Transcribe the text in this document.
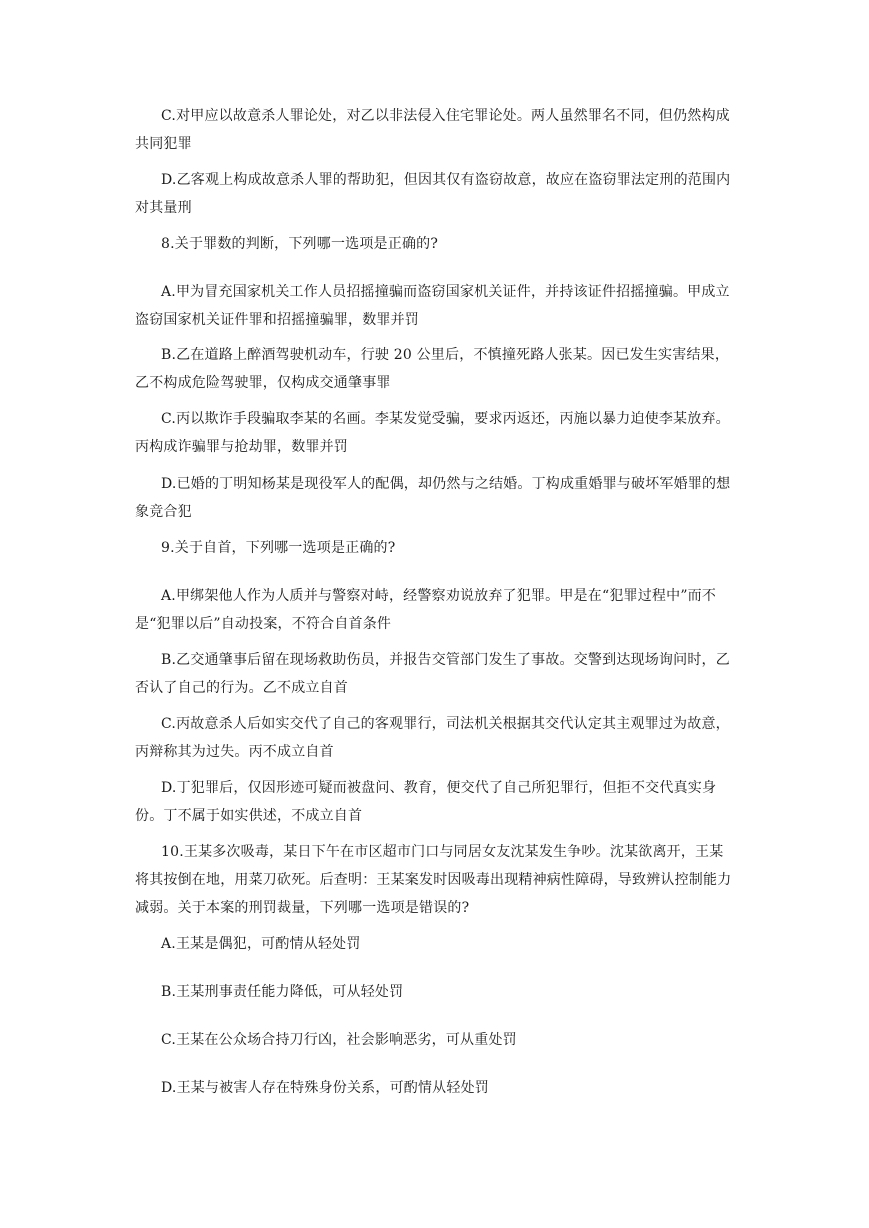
C.对甲应以故意杀人罪论处，对乙以非法侵入住宅罪论处。两人虽然罪名不同，但仍然构成共同犯罪

D.乙客观上构成故意杀人罪的帮助犯，但因其仅有盗窃故意，故应在盗窃罪法定刑的范围内对其量刑

8.关于罪数的判断，下列哪一选项是正确的?

A.甲为冒充国家机关工作人员招摇撞骗而盗窃国家机关证件，并持该证件招摇撞骗。甲成立盗窃国家机关证件罪和招摇撞骗罪，数罪并罚

B.乙在道路上醉酒驾驶机动车，行驶 20 公里后，不慎撞死路人张某。因已发生实害结果，乙不构成危险驾驶罪，仅构成交通肇事罪

C.丙以欺诈手段骗取李某的名画。李某发觉受骗，要求丙返还，丙施以暴力迫使李某放弃。丙构成诈骗罪与抢劫罪，数罪并罚

D.已婚的丁明知杨某是现役军人的配偶，却仍然与之结婚。丁构成重婚罪与破坏军婚罪的想象竞合犯

9.关于自首，下列哪一选项是正确的?

A.甲绑架他人作为人质并与警察对峙，经警察劝说放弃了犯罪。甲是在“犯罪过程中”而不是“犯罪以后”自动投案，不符合自首条件

B.乙交通肇事后留在现场救助伤员，并报告交管部门发生了事故。交警到达现场询问时，乙否认了自己的行为。乙不成立自首

C.丙故意杀人后如实交代了自己的客观罪行，司法机关根据其交代认定其主观罪过为故意，丙辩称其为过失。丙不成立自首

D.丁犯罪后，仅因形迹可疑而被盘问、教育，便交代了自己所犯罪行，但拒不交代真实身份。丁不属于如实供述，不成立自首

10.王某多次吸毒，某日下午在市区超市门口与同居女友沈某发生争吵。沈某欲离开，王某将其按倒在地，用菜刀砍死。后查明：王某案发时因吸毒出现精神病性障碍，导致辨认控制能力减弱。关于本案的刑罚裁量，下列哪一选项是错误的?

A.王某是偶犯，可酌情从轻处罚

B.王某刑事责任能力降低，可从轻处罚

C.王某在公众场合持刀行凶，社会影响恶劣，可从重处罚

D.王某与被害人存在特殊身份关系，可酌情从轻处罚
